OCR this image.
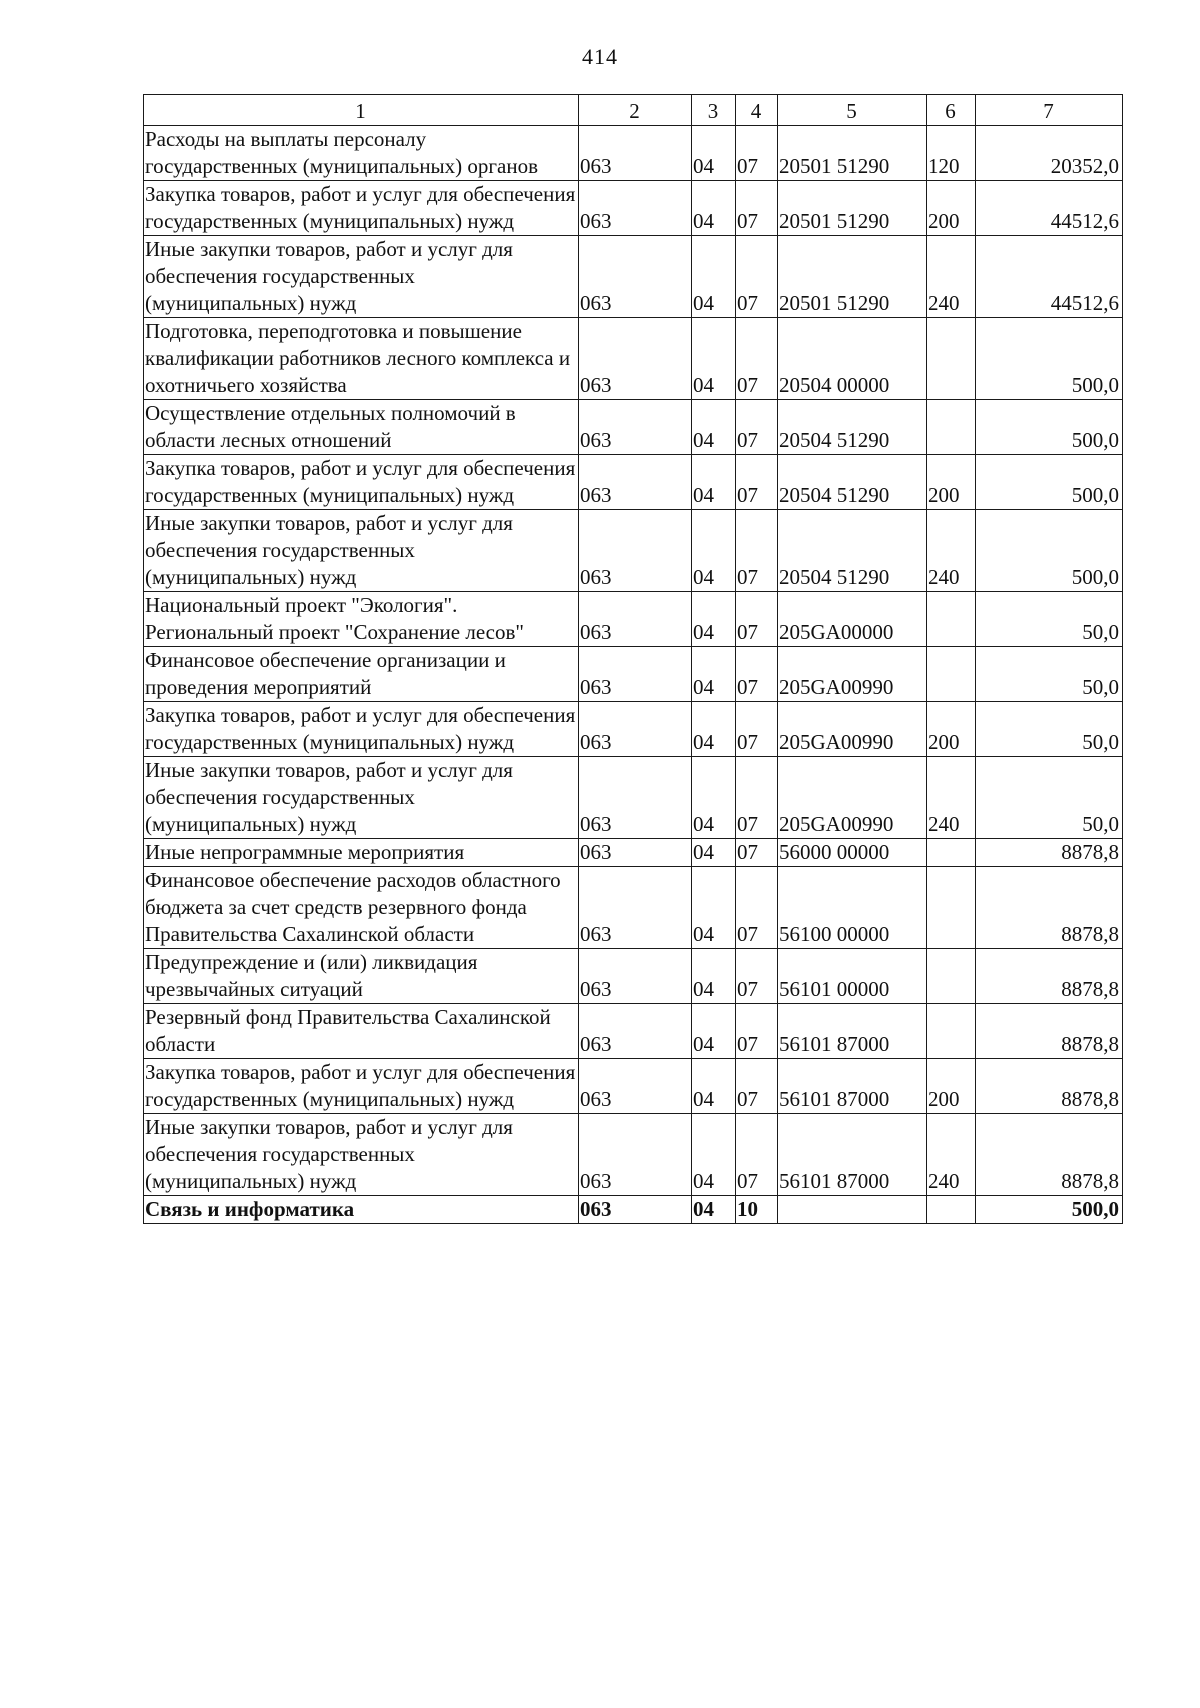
414
1	2	3	4	5	6	7
Расходы на выплаты персоналу государственных (муниципальных) органов	063	04	07	20501 51290	120	20352,0
Закупка товаров, работ и услуг для обеспечения государственных (муниципальных) нужд	063	04	07	20501 51290	200	44512,6
Иные закупки товаров, работ и услуг для обеспечения государственных (муниципальных) нужд	063	04	07	20501 51290	240	44512,6
Подготовка, переподготовка и повышение квалификации работников лесного комплекса и охотничьего хозяйства	063	04	07	20504 00000		500,0
Осуществление отдельных полномочий в области лесных отношений	063	04	07	20504 51290		500,0
Закупка товаров, работ и услуг для обеспечения государственных (муниципальных) нужд	063	04	07	20504 51290	200	500,0
Иные закупки товаров, работ и услуг для обеспечения государственных (муниципальных) нужд	063	04	07	20504 51290	240	500,0
Национальный проект "Экология". Региональный проект "Сохранение лесов"	063	04	07	205GA00000		50,0
Финансовое обеспечение организации и проведения мероприятий	063	04	07	205GA00990		50,0
Закупка товаров, работ и услуг для обеспечения государственных (муниципальных) нужд	063	04	07	205GA00990	200	50,0
Иные закупки товаров, работ и услуг для обеспечения государственных (муниципальных) нужд	063	04	07	205GA00990	240	50,0
Иные непрограммные мероприятия	063	04	07	56000 00000		8878,8
Финансовое обеспечение расходов областного бюджета за счет средств резервного фонда Правительства Сахалинской области	063	04	07	56100 00000		8878,8
Предупреждение и (или) ликвидация чрезвычайных ситуаций	063	04	07	56101 00000		8878,8
Резервный фонд Правительства Сахалинской области	063	04	07	56101 87000		8878,8
Закупка товаров, работ и услуг для обеспечения государственных (муниципальных) нужд	063	04	07	56101 87000	200	8878,8
Иные закупки товаров, работ и услуг для обеспечения государственных (муниципальных) нужд	063	04	07	56101 87000	240	8878,8
Связь и информатика	063	04	10			500,0
